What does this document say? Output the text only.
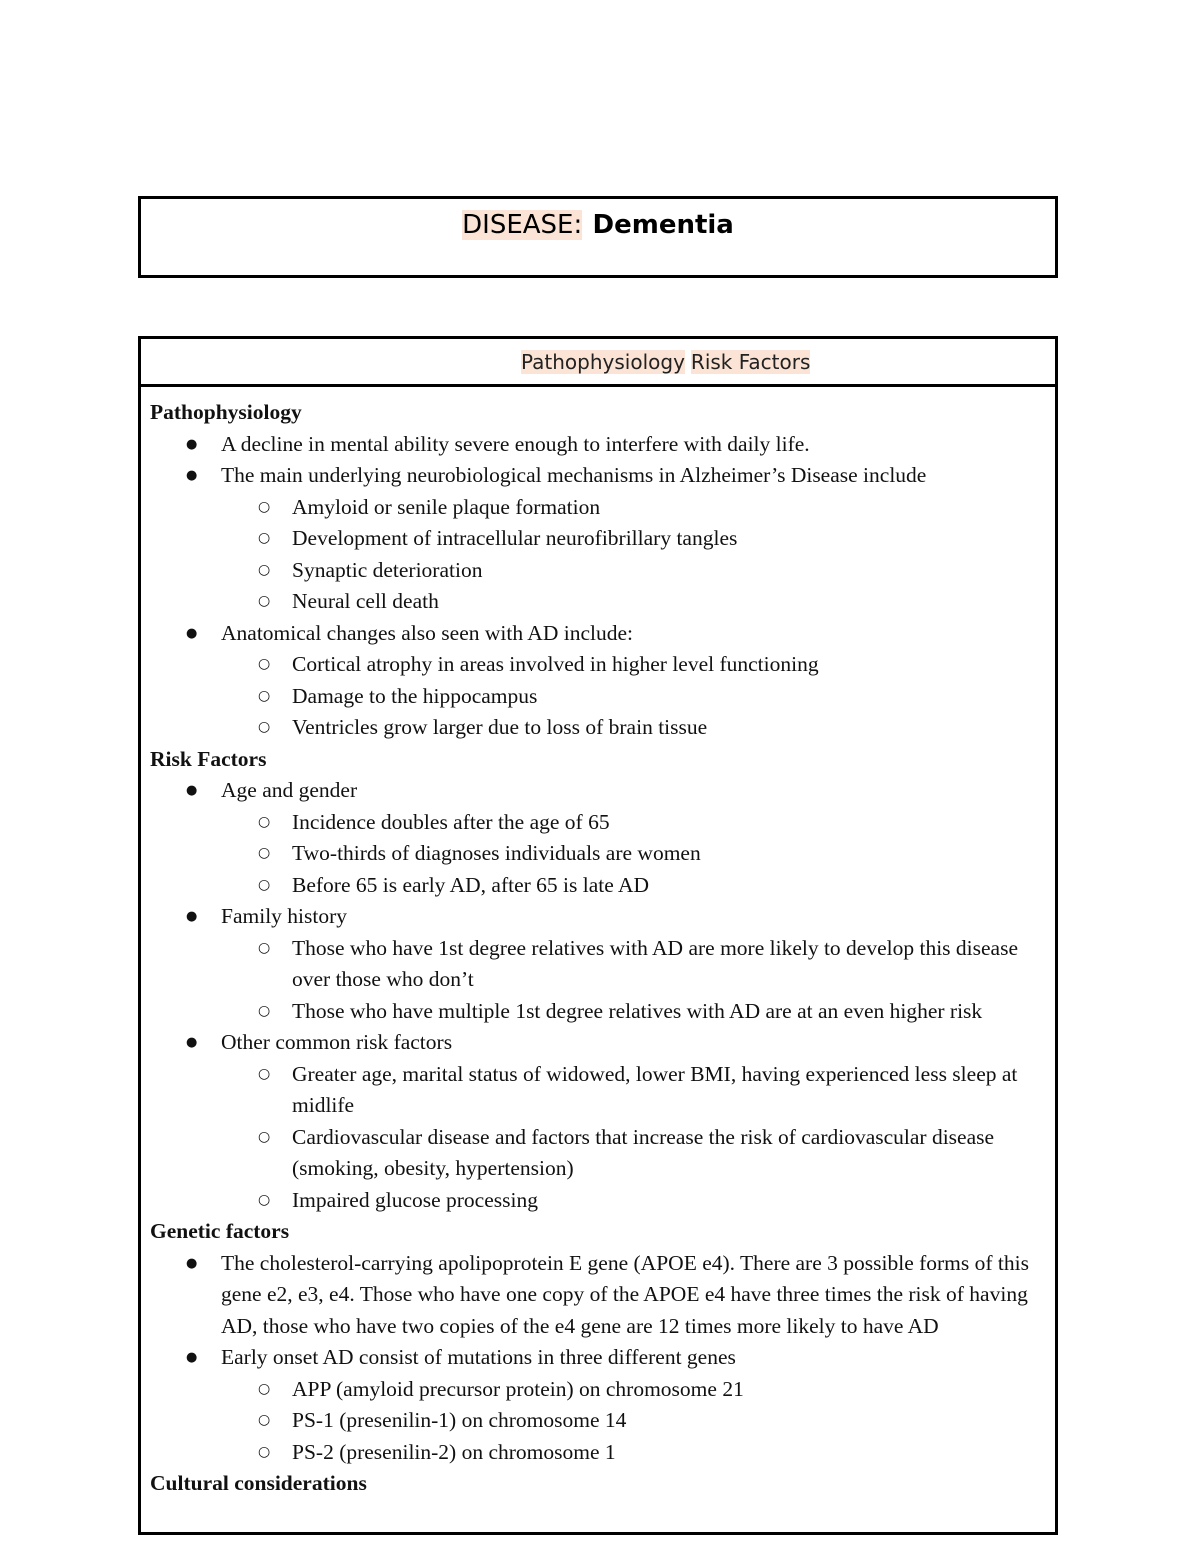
DISEASE: Dementia
Pathophysiology Risk Factors
Pathophysiology
● A decline in mental ability severe enough to interfere with daily life.
● The main underlying neurobiological mechanisms in Alzheimer’s Disease include
○ Amyloid or senile plaque formation
○ Development of intracellular neurofibrillary tangles
○ Synaptic deterioration
○ Neural cell death
● Anatomical changes also seen with AD include:
○ Cortical atrophy in areas involved in higher level functioning
○ Damage to the hippocampus
○ Ventricles grow larger due to loss of brain tissue
Risk Factors
● Age and gender
○ Incidence doubles after the age of 65
○ Two-thirds of diagnoses individuals are women
○ Before 65 is early AD, after 65 is late AD
● Family history
○ Those who have 1st degree relatives with AD are more likely to develop this disease over those who don’t
○ Those who have multiple 1st degree relatives with AD are at an even higher risk
● Other common risk factors
○ Greater age, marital status of widowed, lower BMI, having experienced less sleep at midlife
○ Cardiovascular disease and factors that increase the risk of cardiovascular disease (smoking, obesity, hypertension)
○ Impaired glucose processing
Genetic factors
● The cholesterol-carrying apolipoprotein E gene (APOE e4). There are 3 possible forms of this gene e2, e3, e4. Those who have one copy of the APOE e4 have three times the risk of having AD, those who have two copies of the e4 gene are 12 times more likely to have AD
● Early onset AD consist of mutations in three different genes
○ APP (amyloid precursor protein) on chromosome 21
○ PS-1 (presenilin-1) on chromosome 14
○ PS-2 (presenilin-2) on chromosome 1
Cultural considerations
